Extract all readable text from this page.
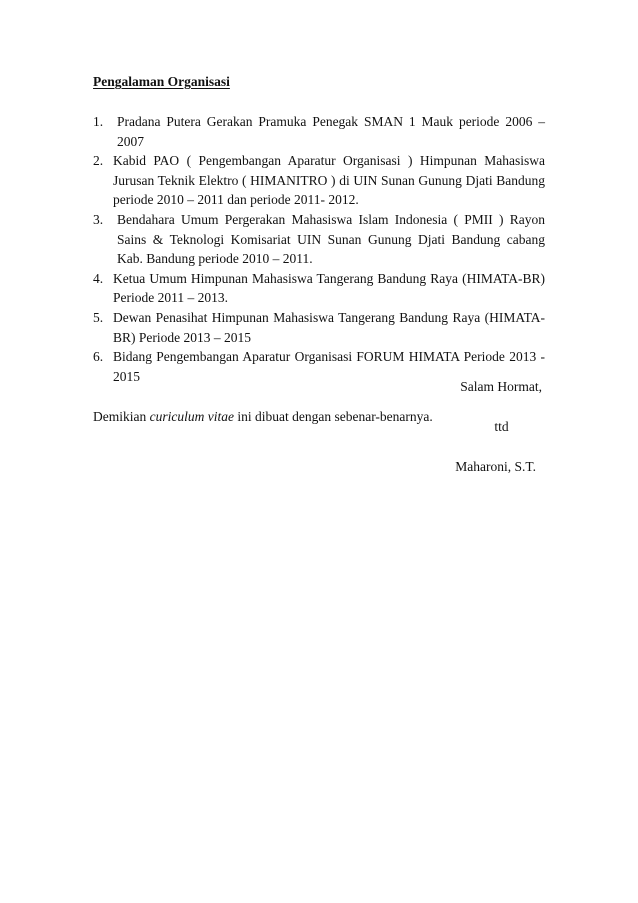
Pengalaman Organisasi
1. Pradana Putera Gerakan Pramuka Penegak SMAN 1 Mauk periode 2006 – 2007
2. Kabid PAO ( Pengembangan Aparatur Organisasi ) Himpunan Mahasiswa Jurusan Teknik Elektro ( HIMANITRO ) di UIN Sunan Gunung Djati Bandung periode 2010 – 2011 dan periode 2011- 2012.
3. Bendahara Umum Pergerakan Mahasiswa Islam Indonesia ( PMII ) Rayon Sains & Teknologi Komisariat UIN Sunan Gunung Djati Bandung cabang Kab. Bandung periode 2010 – 2011.
4. Ketua Umum Himpunan Mahasiswa Tangerang Bandung Raya (HIMATA-BR) Periode 2011 – 2013.
5. Dewan Penasihat Himpunan Mahasiswa Tangerang Bandung Raya (HIMATA-BR) Periode 2013 – 2015
6. Bidang Pengembangan Aparatur Organisasi FORUM HIMATA Periode 2013 - 2015

Demikian curiculum vitae ini dibuat dengan sebenar-benarnya.

Salam Hormat,
ttd
Maharoni, S.T.
